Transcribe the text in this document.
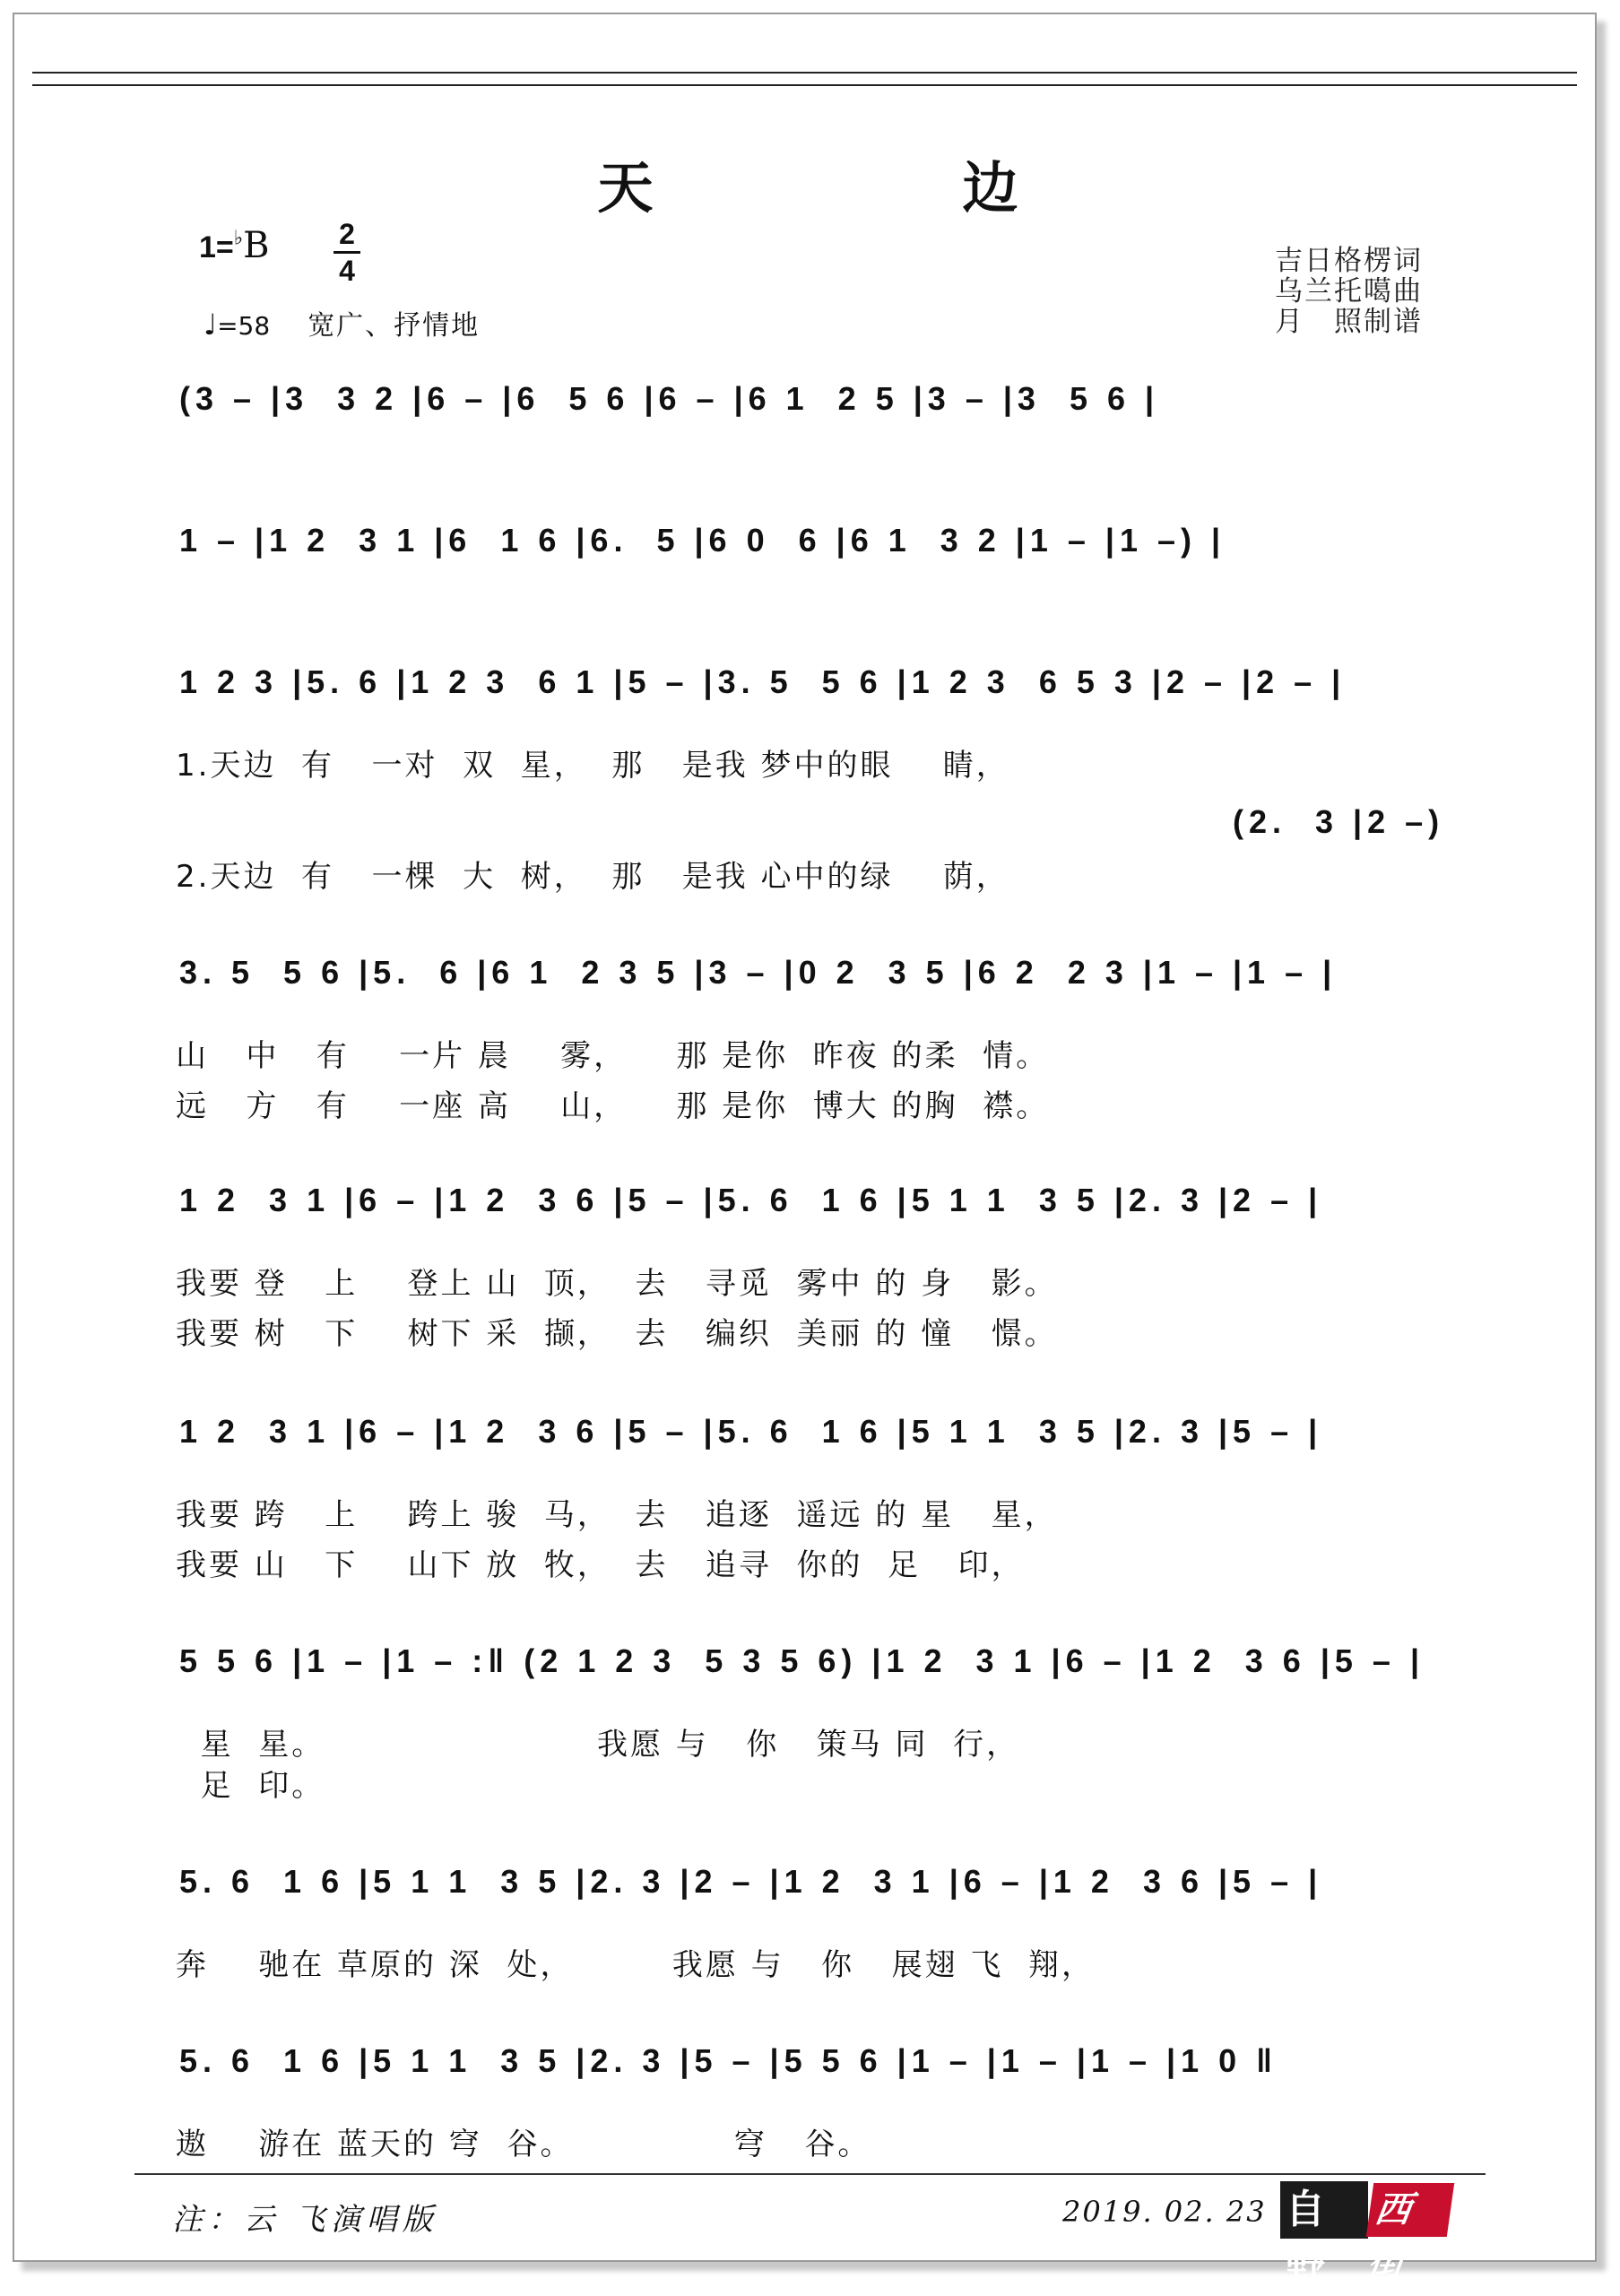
天	边
1=♭B 2
4
♩=58 宽广、抒情地
吉日格楞词
乌兰托噶曲
月　照制谱
(3 – |3  3 2 |6 – |6  5 6 |6 – |6 1  2 5 |3 – |3  5 6 |
1 – |1 2  3 1 |6  1 6 |6.  5 |6 0  6 |6 1  3 2 |1 – |1 –) |
1 2 3 |5. 6 |1 2 3  6 1 |5 – |3. 5  5 6 |1 2 3  6 5 3 |2 – |2 – |
1.天边  有   一对  双  星，  那   是我 梦中的眼    睛，
(2.  3 |2 –)
2.天边  有   一棵  大  树，  那   是我 心中的绿    荫，
3. 5  5 6 |5.  6 |6 1  2 3 5 |3 – |0 2  3 5 |6 2  2 3 |1 – |1 – |
山   中   有    一片 晨    雾，    那 是你  昨夜 的柔  情。
远   方   有    一座 高    山，    那 是你  博大 的胸  襟。
1 2  3 1 |6 – |1 2  3 6 |5 – |5. 6  1 6 |5 1 1  3 5 |2. 3 |2 – |
我要 登   上    登上 山  顶，  去   寻觅  雾中 的 身   影。
我要 树   下    树下 采  撷，  去   编织  美丽 的 憧   憬。
1 2  3 1 |6 – |1 2  3 6 |5 – |5. 6  1 6 |5 1 1  3 5 |2. 3 |5 – |
我要 跨   上    跨上 骏  马，  去   追逐  遥远 的 星   星，
我要 山   下    山下 放  牧，  去   追寻  你的  足   印，
5 5 6 |1 – |1 – :‖ (2 1 2 3  5 3 5 6) |1 2  3 1 |6 – |1 2  3 6 |5 – |
星  星。                      我愿 与   你   策马 同  行，
足  印。
5. 6  1 6 |5 1 1  3 5 |2. 3 |2 – |1 2  3 1 |6 – |1 2  3 6 |5 – |
奔    驰在 草原的 深  处，        我愿 与   你   展翅 飞  翔，
5. 6  1 6 |5 1 1  3 5 |2. 3 |5 – |5 5 6 |1 – |1 – |1 – |1 0 ‖
遨    游在 蓝天的 穹  谷。             穹   谷。
注：云 飞演唱版	2019. 02. 23 自野
西街
